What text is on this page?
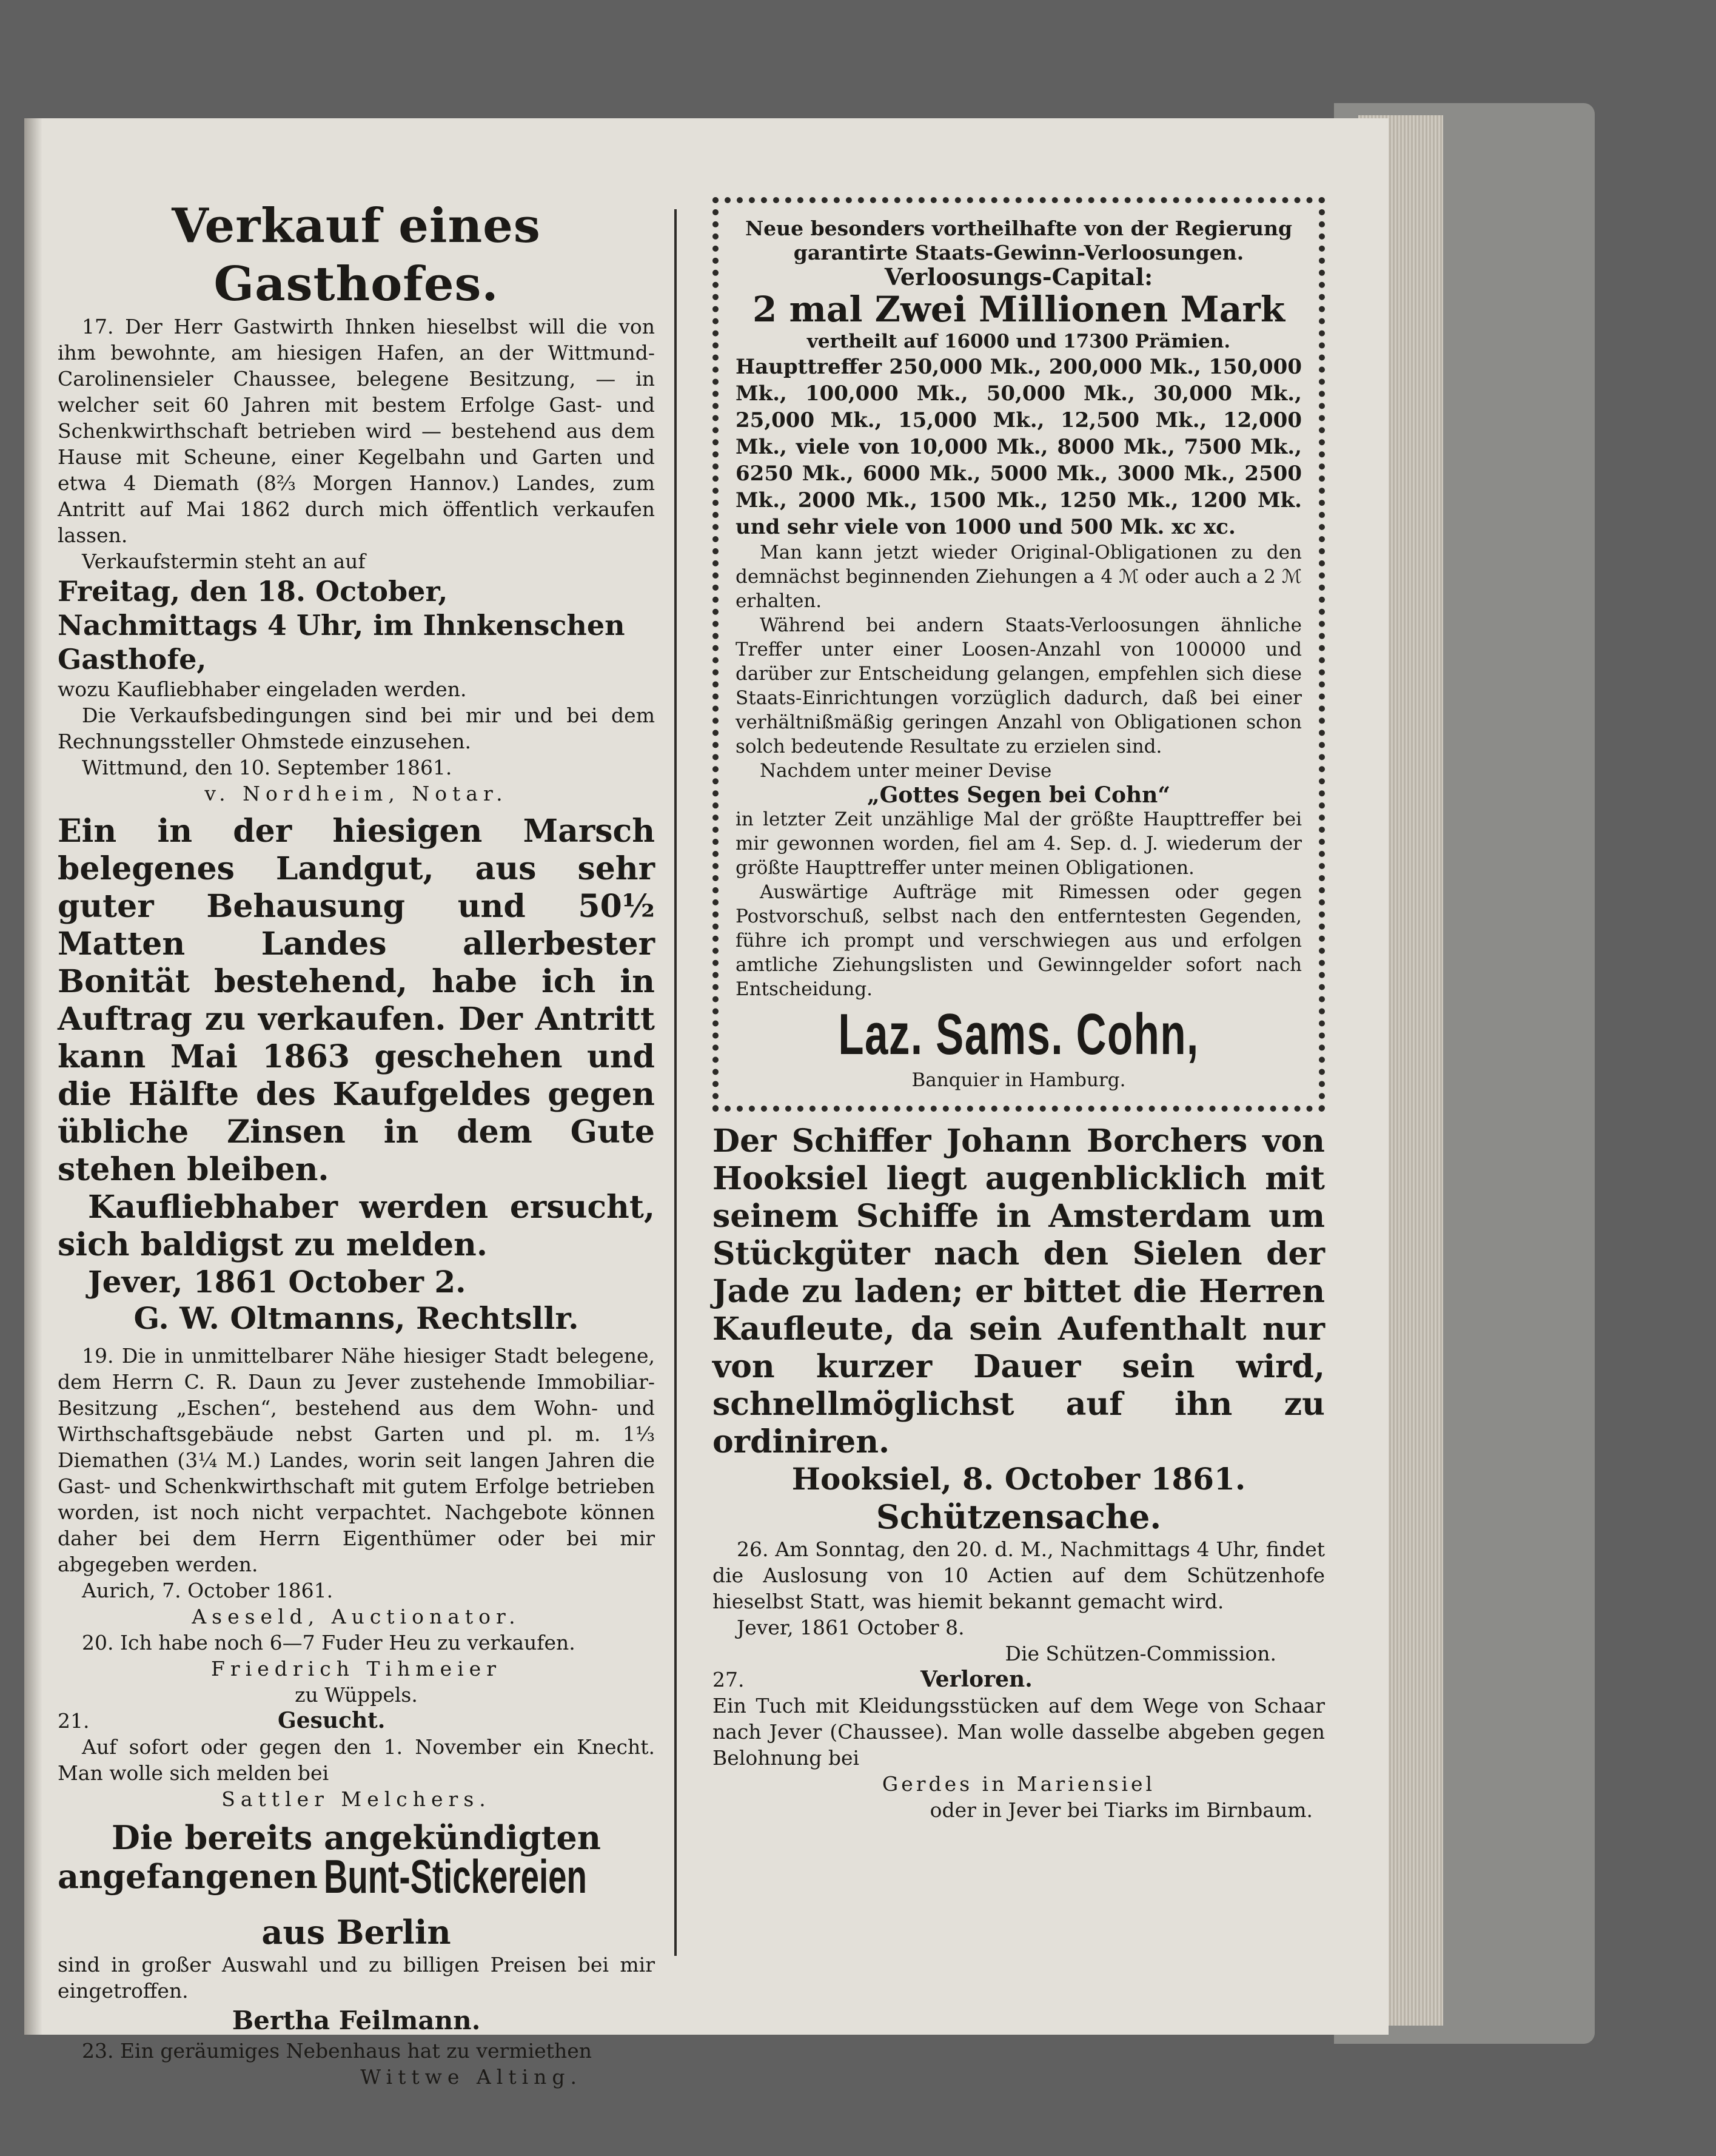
Verkauf eines Gasthofes.

17. Der Herr Gastwirth Ihnken hieselbst will die von ihm bewohnte, am hiesigen Hafen, an der Wittmund-Carolinensieler Chaussee, belegene Besitzung, — in welcher seit 60 Jahren mit bestem Erfolge Gast- und Schenkwirthschaft betrieben wird — bestehend aus dem Hause mit Scheune, einer Kegelbahn und Garten und etwa 4 Diemath (8⅔ Morgen Hannov.) Landes, zum Antritt auf Mai 1862 durch mich öffentlich verkaufen lassen.

Verkaufstermin steht an auf

Freitag, den 18. October, Nachmittags 4 Uhr, im Ihnkenschen Gasthofe,

wozu Kaufliebhaber eingeladen werden.

Die Verkaufsbedingungen sind bei mir und bei dem Rechnungssteller Ohmstede einzusehen.

Wittmund, den 10. September 1861.

v. Nordheim, Notar.

Ein in der hiesigen Marsch belegenes Landgut, aus sehr guter Behausung und 50½ Matten Landes allerbester Bonität bestehend, habe ich in Auftrag zu verkaufen. Der Antritt kann Mai 1863 geschehen und die Hälfte des Kaufgeldes gegen übliche Zinsen in dem Gute stehen bleiben.

Kaufliebhaber werden ersucht, sich baldigst zu melden.

Jever, 1861 October 2.

G. W. Oltmanns, Rechtsllr.

19. Die in unmittelbarer Nähe hiesiger Stadt belegene, dem Herrn C. R. Daun zu Jever zustehende Immobiliar-Besitzung „Eschen“, bestehend aus dem Wohn- und Wirthschaftsgebäude nebst Garten und pl. m. 1⅓ Diemathen (3¼ M.) Landes, worin seit langen Jahren die Gast- und Schenkwirthschaft mit gutem Erfolge betrieben worden, ist noch nicht verpachtet. Nachgebote können daher bei dem Herrn Eigenthümer oder bei mir abgegeben werden.

Aurich, 7. October 1861.

Aseseld, Auctionator.

20. Ich habe noch 6—7 Fuder Heu zu verkaufen.

Friedrich Tihmeier

zu Wüppels.

21.	Gesucht.

Auf sofort oder gegen den 1. November ein Knecht. Man wolle sich melden bei

Sattler Melchers.

Die bereits angekündigten

angefangenen Bunt-Stickereien

aus Berlin

sind in großer Auswahl und zu billigen Preisen bei mir eingetroffen.

Bertha Feilmann.

23. Ein geräumiges Nebenhaus hat zu vermiethen

Wittwe Alting.

Neue besonders vortheilhafte von der Regierung garantirte Staats-Gewinn-Verloosungen.

Verloosungs-Capital:

2 mal Zwei Millionen Mark

vertheilt auf 16000 und 17300 Prämien.

Haupttreffer 250,000 Mk., 200,000 Mk., 150,000 Mk., 100,000 Mk., 50,000 Mk., 30,000 Mk., 25,000 Mk., 15,000 Mk., 12,500 Mk., 12,000 Mk., viele von 10,000 Mk., 8000 Mk., 7500 Mk., 6250 Mk., 6000 Mk., 5000 Mk., 3000 Mk., 2500 Mk., 2000 Mk., 1500 Mk., 1250 Mk., 1200 Mk. und sehr viele von 1000 und 500 Mk. xc xc.

Man kann jetzt wieder Original-Obligationen zu den demnächst beginnenden Ziehungen a 4 ℳ oder auch a 2 ℳ erhalten.

Während bei andern Staats-Verloosungen ähnliche Treffer unter einer Loosen-Anzahl von 100000 und darüber zur Entscheidung gelangen, empfehlen sich diese Staats-Einrichtungen vorzüglich dadurch, daß bei einer verhältnißmäßig geringen Anzahl von Obligationen schon solch bedeutende Resultate zu erzielen sind.

Nachdem unter meiner Devise

„Gottes Segen bei Cohn“

in letzter Zeit unzählige Mal der größte Haupttreffer bei mir gewonnen worden, fiel am 4. Sep. d. J. wiederum der größte Haupttreffer unter meinen Obligationen.

Auswärtige Aufträge mit Rimessen oder gegen Postvorschuß, selbst nach den entferntesten Gegenden, führe ich prompt und verschwiegen aus und erfolgen amtliche Ziehungslisten und Gewinngelder sofort nach Entscheidung.

Laz. Sams. Cohn,

Banquier in Hamburg.

Der Schiffer Johann Borchers von Hooksiel liegt augenblicklich mit seinem Schiffe in Amsterdam um Stückgüter nach den Sielen der Jade zu laden; er bittet die Herren Kaufleute, da sein Aufenthalt nur von kurzer Dauer sein wird, schnellmöglichst auf ihn zu ordiniren.

Hooksiel, 8. October 1861.

Schützensache.

26. Am Sonntag, den 20. d. M., Nachmittags 4 Uhr, findet die Auslosung von 10 Actien auf dem Schützenhofe hieselbst Statt, was hiemit bekannt gemacht wird.

Jever, 1861 October 8.

Die Schützen-Commission.

27.	Verloren.

Ein Tuch mit Kleidungsstücken auf dem Wege von Schaar nach Jever (Chaussee). Man wolle dasselbe abgeben gegen Belohnung bei

Gerdes in Mariensiel

oder in Jever bei Tiarks im Birnbaum.
